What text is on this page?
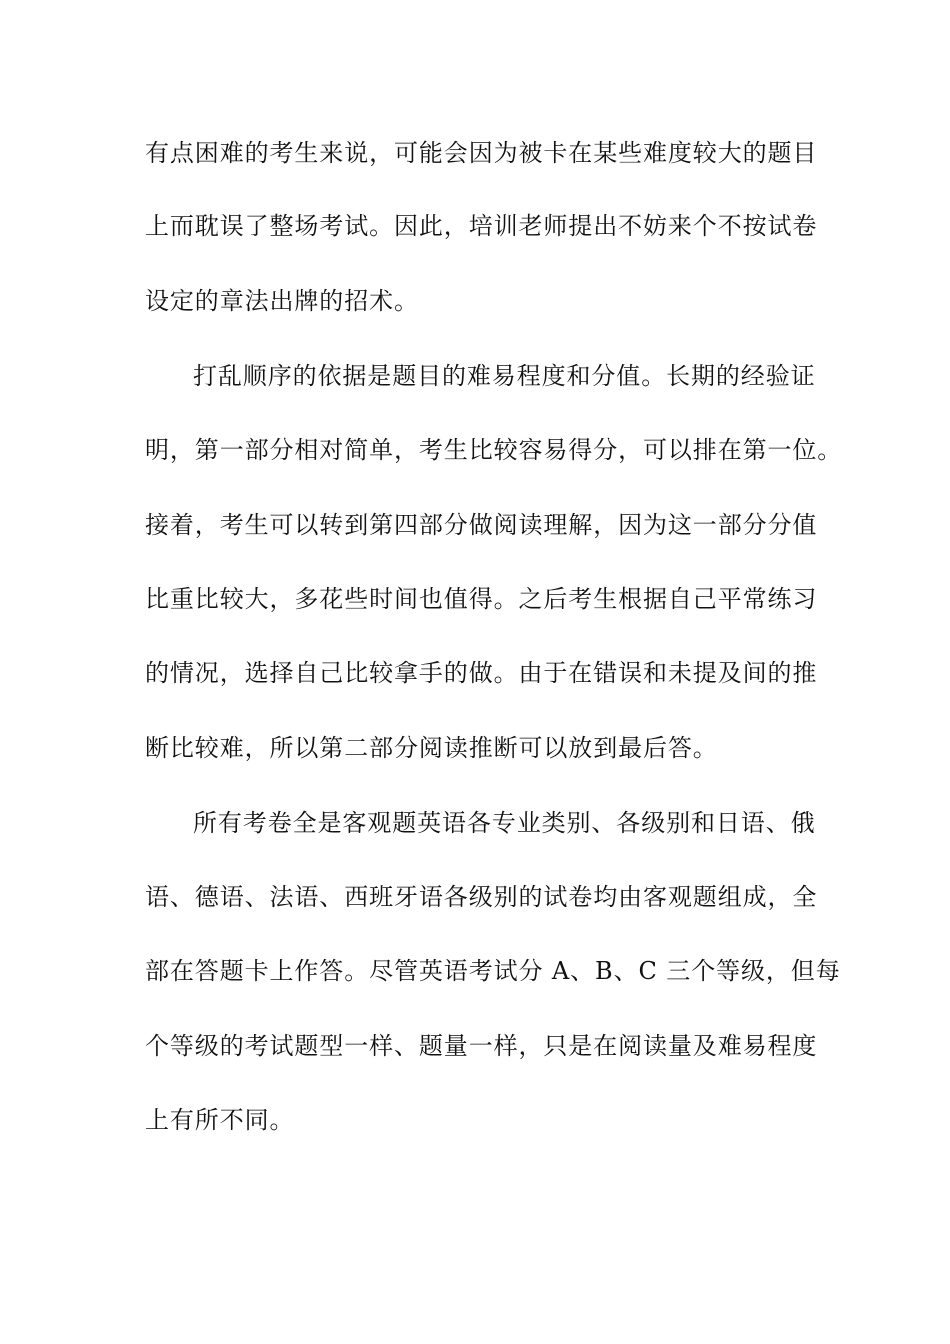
有点困难的考生来说，可能会因为被卡在某些难度较大的题目

上而耽误了整场考试。因此，培训老师提出不妨来个不按试卷

设定的章法出牌的招术。

打乱顺序的依据是题目的难易程度和分值。长期的经验证

明，第一部分相对简单，考生比较容易得分，可以排在第一位。

接着，考生可以转到第四部分做阅读理解，因为这一部分分值

比重比较大，多花些时间也值得。之后考生根据自己平常练习

的情况，选择自己比较拿手的做。由于在错误和未提及间的推

断比较难，所以第二部分阅读推断可以放到最后答。

所有考卷全是客观题英语各专业类别、各级别和日语、俄

语、德语、法语、西班牙语各级别的试卷均由客观题组成，全

部在答题卡上作答。尽管英语考试分 A、B、C 三个等级，但每

个等级的考试题型一样、题量一样，只是在阅读量及难易程度

上有所不同。
